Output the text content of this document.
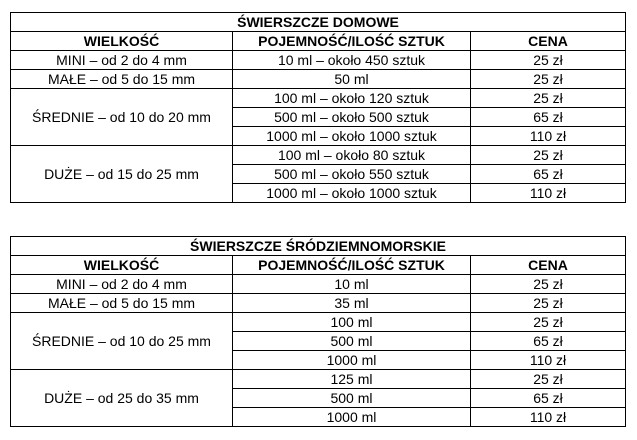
ŚWIERSZCZE DOMOWE		
WIELKOŚĆ	POJEMNOŚĆ/ILOŚĆ SZTUK	CENA
MINI – od 2 do 4 mm	10 ml – około 450 sztuk	25 zł
MAŁE – od 5 do 15 mm	50 ml	25 zł
ŚREDNIE – od 10 do 20 mm	100 ml – około 120 sztuk	25 zł
	500 ml – około 500 sztuk	65 zł
	1000 ml – około 1000 sztuk	110 zł
DUŻE – od 15 do 25 mm	100 ml – około 80 sztuk	25 zł
	500 ml – około 550 sztuk	65 zł
	1000 ml – około 1000 sztuk	110 zł
ŚWIERSZCZE ŚRÓDZIEMNOMORSKIE		
WIELKOŚĆ	POJEMNOŚĆ/ILOŚĆ SZTUK	CENA
MINI – od 2 do 4 mm	10 ml	25 zł
MAŁE – od 5 do 15 mm	35 ml	25 zł
ŚREDNIE – od 10 do 25 mm	100 ml	25 zł
	500 ml	65 zł
	1000 ml	110 zł
DUŻE – od 25 do 35 mm	125 ml	25 zł
	500 ml	65 zł
	1000 ml	110 zł
